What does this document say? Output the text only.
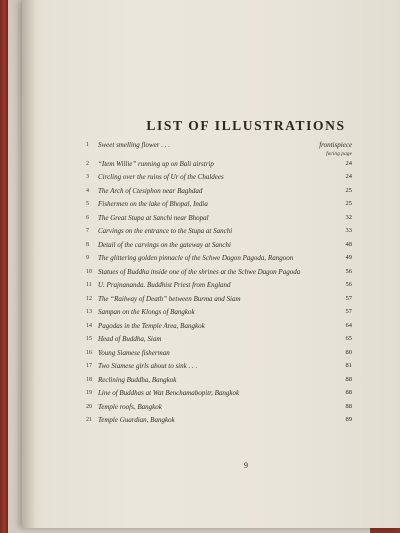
LIST OF ILLUSTRATIONS
1	Sweet smelling flower . . .	frontispiece
facing page
2	“Item Willie” running up on Bali airstrip	24
3	Circling over the ruins of Ur of the Chaldees	24
4	The Arch of Ctesiphon near Baghdad	25
5	Fishermen on the lake of Bhopal, India	25
6	The Great Stupa at Sanchi near Bhopal	32
7	Carvings on the entrance to the Stupa at Sanchi	33
8	Detail of the carvings on the gateway at Sanchi	48
9	The glittering golden pinnacle of the Schwe Dagon Pagoda, Rangoon	49
10 Statues of Buddha inside one of the shrines at the Schwe Dagon Pagoda	56
11 U. Prajnananda. Buddhist Priest from England	56
12 The “Railway of Death” between Burma and Siam	57
13 Sampan on the Klongs of Bangkok	57
14 Pagodas in the Temple Area, Bangkok	64
15 Head of Buddha, Siam	65
16 Young Siamese fisherman	80
17 Two Siamese girls about to sink . . .	81
18 Reclining Buddha, Bangkok	88
19 Line of Buddhas at Wat Benchamabopitr, Bangkok	88
20 Temple roofs, Bangkok	88
21 Temple Guardian, Bangkok	89
9
